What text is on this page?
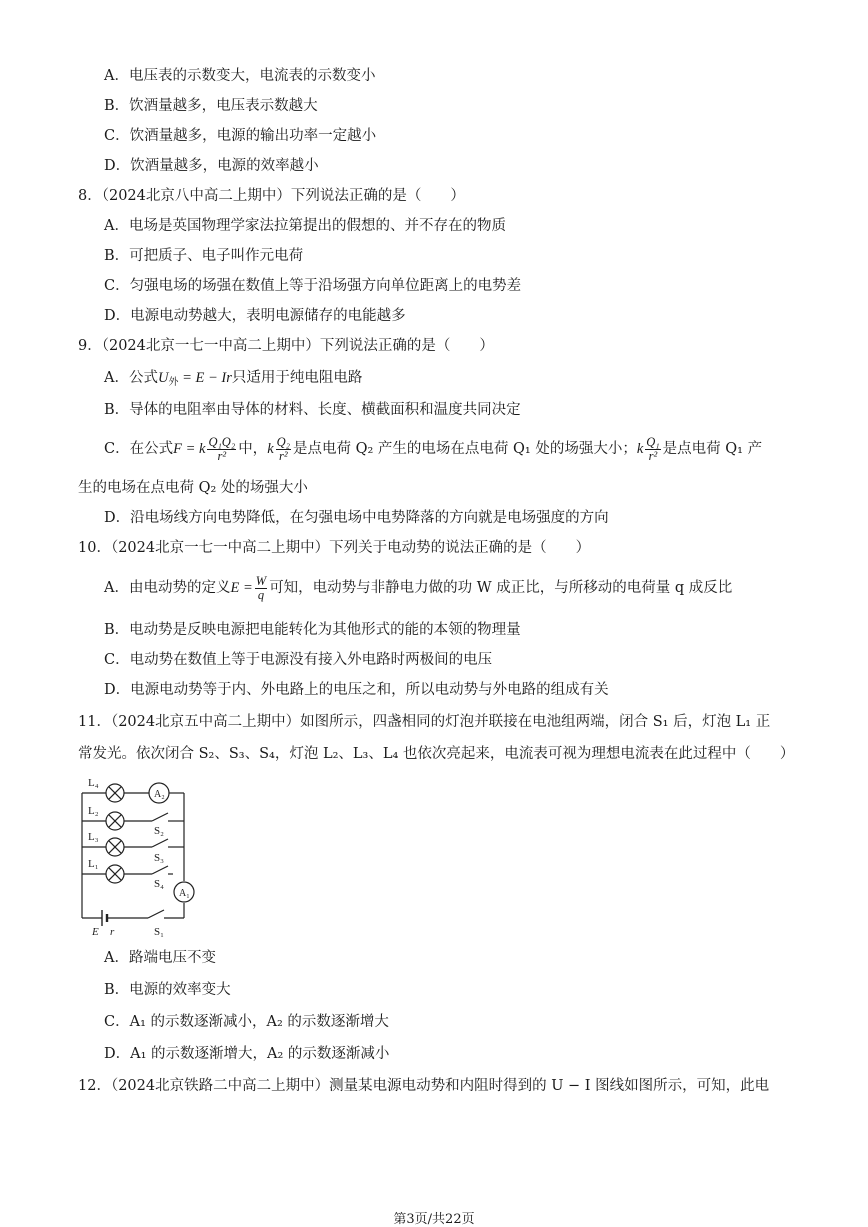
A．电压表的示数变大，电流表的示数变小
B．饮酒量越多，电压表示数越大
C．饮酒量越多，电源的输出功率一定越小
D．饮酒量越多，电源的效率越小
8．（2024北京八中高二上期中）下列说法正确的是（　　）
A．电场是英国物理学家法拉第提出的假想的、并不存在的物质
B．可把质子、电子叫作元电荷
C．匀强电场的场强在数值上等于沿场强方向单位距离上的电势差
D．电源电动势越大，表明电源储存的电能越多
9．（2024北京一七一中高二上期中）下列说法正确的是（　　）
A．公式$U_外 = E - Ir$只适用于纯电阻电路
B．导体的电阻率由导体的材料、长度、横截面积和温度共同决定
C．在公式F = k $\frac{\text{Q₁Q₂}}{\text{r²}}$ 中，k $\frac{\text{Q₂}}{\text{r²}}$ 是点电荷 Q₂ 产生的电场在点电荷 Q₁ 处的场强大小；k $\frac{\text{Q₁}}{\text{r²}}$ 是点电荷 Q₁ 产
生的电场在点电荷 Q₂ 处的场强大小
D．沿电场线方向电势降低，在匀强电场中电势降落的方向就是电场强度的方向
10．（2024北京一七一中高二上期中）下列关于电动势的说法正确的是（　　）
A．由电动势的定义$E = \frac{W}{q}$ 可知，电动势与非静电力做的功 W 成正比，与所移动的电荷量 q 成反比
B．电动势是反映电源把电能转化为其他形式的能的本领的物理量
C．电动势在数值上等于电源没有接入外电路时两极间的电压
D．电源电动势等于内、外电路上的电压之和，所以电动势与外电路的组成有关
11．（2024北京五中高二上期中）如图所示，四盏相同的灯泡并联接在电池组两端，闭合 S₁ 后，灯泡 L₁ 正
常发光。依次闭合 S₂、S₃、S₄，灯泡 L₂、L₃、L₄ 也依次亮起来，电流表可视为理想电流表在此过程中（　　）
L₄
A₂
L₂
S₂
L₃
S₃
L₁
S₄
A₁
E r	S₁
A．路端电压不变
B．电源的效率变大
C．A₁ 的示数逐渐减小，A₂ 的示数逐渐增大
D．A₁ 的示数逐渐增大，A₂ 的示数逐渐减小
12．（2024北京铁路二中高二上期中）测量某电源电动势和内阻时得到的 U − I 图线如图所示，可知，此电
第3页/共22页
